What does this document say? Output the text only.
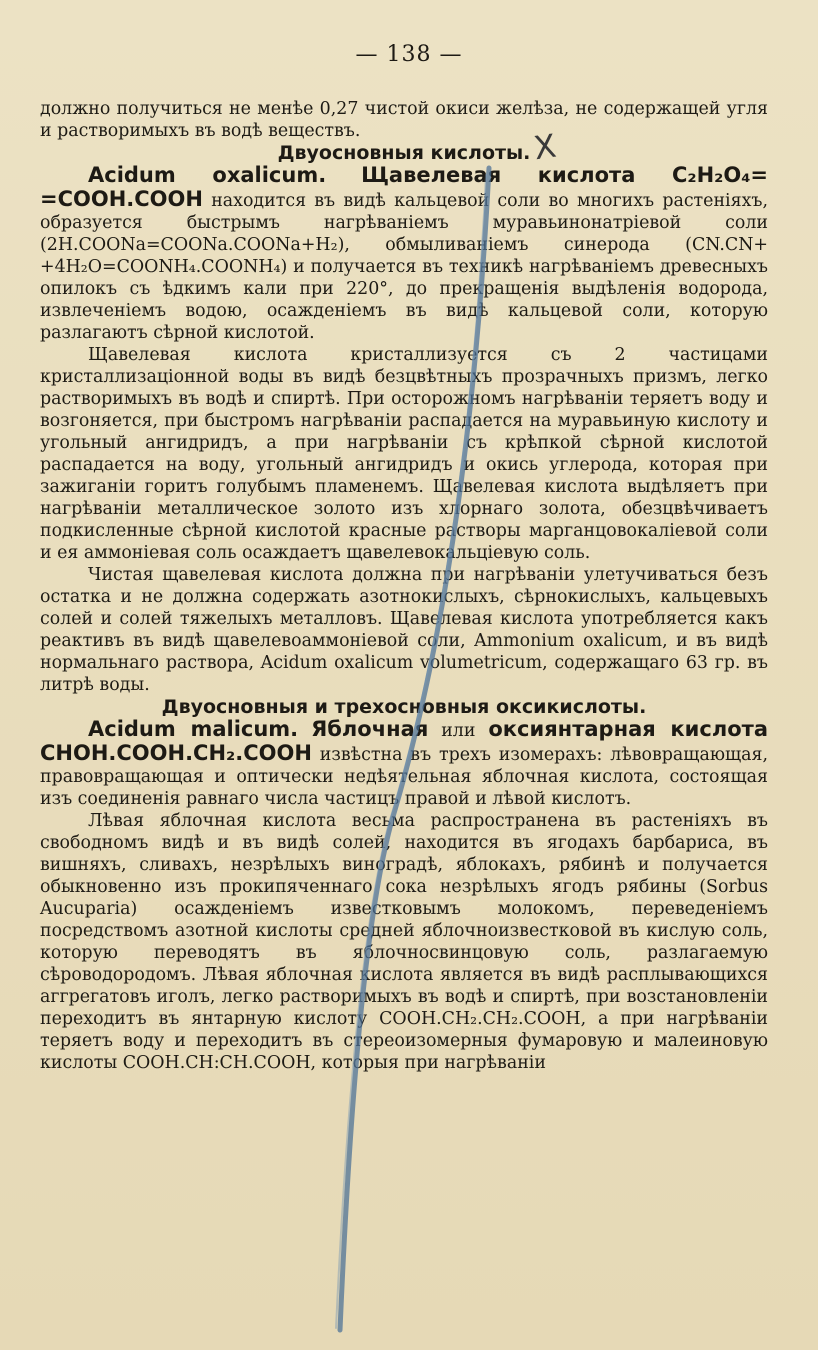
— 138 —
X

должно получиться не менѣе 0,27 чистой окиси желѣза, не содержащей угля и растворимыхъ въ водѣ веществъ.

Двуосновныя кислоты.

Acidum oxalicum. Щавелевая кислота C₂H₂O₄= =COOH.COOH находится въ видѣ кальцевой соли во многихъ растеніяхъ, образуется быстрымъ нагрѣваніемъ муравьинонатріевой соли (2H.COONa=COONa.COONa+H₂), обмыливаніемъ синерода (CN.CN+ +4H₂O=COONH₄.COONH₄) и получается въ техникѣ нагрѣваніемъ древесныхъ опилокъ съ ѣдкимъ кали при 220°, до прекращенія выдѣленія водорода, извлеченіемъ водою, осажденіемъ въ видѣ кальцевой соли, которую разлагаютъ сѣрной кислотой.

Щавелевая кислота кристаллизуется съ 2 частицами кристаллизаціонной воды въ видѣ безцвѣтныхъ прозрачныхъ призмъ, легко растворимыхъ въ водѣ и спиртѣ. При осторожномъ нагрѣваніи теряетъ воду и возгоняется, при быстромъ нагрѣваніи распадается на муравьиную кислоту и угольный ангидридъ, а при нагрѣваніи съ крѣпкой сѣрной кислотой распадается на воду, угольный ангидридъ и окись углерода, которая при зажиганіи горитъ голубымъ пламенемъ. Щавелевая кислота выдѣляетъ при нагрѣваніи металлическое золото изъ хлорнаго золота, обезцвѣчиваетъ подкисленные сѣрной кислотой красные растворы марганцовокаліевой соли и ея аммоніевая соль осаждаетъ щавелевокальціевую соль.

Чистая щавелевая кислота должна при нагрѣваніи улетучиваться безъ остатка и не должна содержать азотнокислыхъ, сѣрнокислыхъ, кальцевыхъ солей и солей тяжелыхъ металловъ. Щавелевая кислота употребляется какъ реактивъ въ видѣ щавелевоаммоніевой соли, Ammonium oxalicum, и въ видѣ нормальнаго раствора, Acidum oxalicum volumetricum, содержащаго 63 гр. въ литрѣ воды.

Двуосновныя и трехосновныя оксикислоты.

Acidum malicum. Яблочная или оксиянтарная кислота CHOH.COOH.CH₂.COOH извѣстна въ трехъ изомерахъ: лѣвовращающая, правовращающая и оптически недѣятельная яблочная кислота, состоящая изъ соединенія равнаго числа частицъ правой и лѣвой кислотъ.

Лѣвая яблочная кислота весьма распространена въ растеніяхъ въ свободномъ видѣ и въ видѣ солей, находится въ ягодахъ барбариса, въ вишняхъ, сливахъ, незрѣлыхъ виноградѣ, яблокахъ, рябинѣ и получается обыкновенно изъ прокипяченнаго сока незрѣлыхъ ягодъ рябины (Sorbus Aucuparia) осажденіемъ известковымъ молокомъ, переведеніемъ посредствомъ азотной кислоты средней яблочноизвестковой въ кислую соль, которую переводятъ въ яблочносвинцовую соль, разлагаемую сѣроводородомъ. Лѣвая яблочная кислота является въ видѣ расплывающихся аггрегатовъ иголъ, легко растворимыхъ въ водѣ и спиртѣ, при возстановленіи переходитъ въ янтарную кислоту COOH.CH₂.CH₂.COOH, а при нагрѣваніи теряетъ воду и переходитъ въ стереоизомерныя фумаровую и малеиновую кислоты COOH.CH:CH.COOH, которыя при нагрѣваніи
